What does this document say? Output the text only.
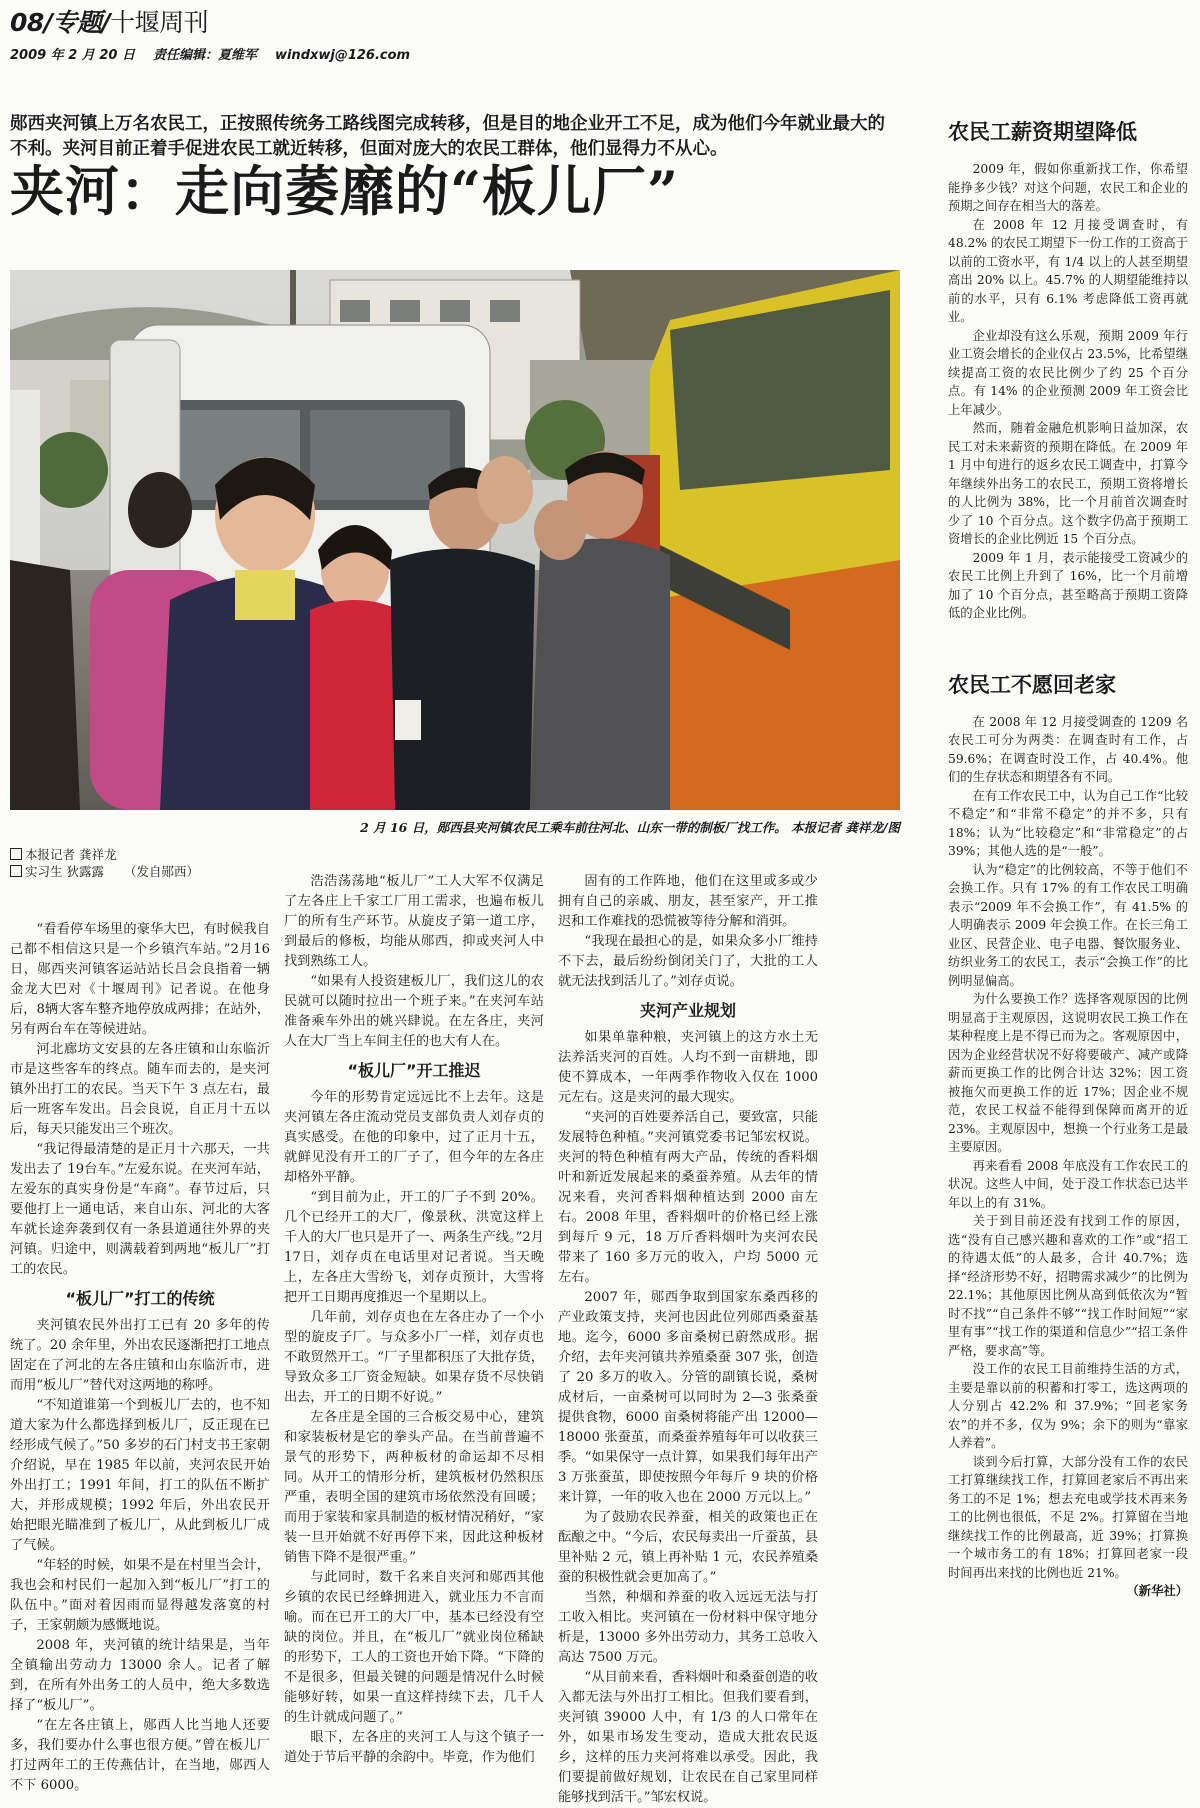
08/专题/十堰周刊
2009 年 2 月 20 日 责任编辑：夏维军 windxwj@126.com
郧西夹河镇上万名农民工，正按照传统务工路线图完成转移，但是目的地企业开工不足，成为他们今年就业最大的不利。夹河目前正着手促进农民工就近转移，但面对庞大的农民工群体，他们显得力不从心。
夹河：走向萎靡的“板儿厂”
2 月 16 日，郧西县夹河镇农民工乘车前往河北、山东一带的制板厂找工作。 本报记者 龚祥龙/图
本报记者 龚祥龙
实习生 狄露露 （发自郧西）

“看看停车场里的豪华大巴，有时候我自己都不相信这只是一个乡镇汽车站。”2月16日，郧西夹河镇客运站站长吕会良指着一辆金龙大巴对《十堰周刊》记者说。在他身后，8辆大客车整齐地停放成两排；在站外，另有两台车在等候进站。

河北廊坊文安县的左各庄镇和山东临沂市是这些客车的终点。随车而去的，是夹河镇外出打工的农民。当天下午 3 点左右，最后一班客车发出。吕会良说，自正月十五以后，每天只能发出三个班次。

“我记得最清楚的是正月十六那天，一共发出去了 19台车。”左爱东说。在夹河车站，左爱东的真实身份是“车商”。春节过后，只要他打上一通电话，来自山东、河北的大客车就长途奔袭到仅有一条县道通往外界的夹河镇。归途中，则满载着到两地“板儿厂”打工的农民。

“板儿厂”打工的传统

夹河镇农民外出打工已有 20 多年的传统了。20 余年里，外出农民逐渐把打工地点固定在了河北的左各庄镇和山东临沂市，进而用“板儿厂”替代对这两地的称呼。

“不知道谁第一个到板儿厂去的，也不知道大家为什么都选择到板儿厂，反正现在已经形成气候了。”50 多岁的石门村支书王家朝介绍说，早在 1985 年以前，夹河农民开始外出打工；1991 年间，打工的队伍不断扩大，并形成规模；1992 年后，外出农民开始把眼光瞄准到了板儿厂，从此到板儿厂成了气候。

“年轻的时候，如果不是在村里当会计，我也会和村民们一起加入到“板儿厂”打工的队伍中。”面对着因雨而显得越发落寞的村子，王家朝颇为感慨地说。

2008 年，夹河镇的统计结果是，当年全镇输出劳动力 13000 余人。记者了解到，在所有外出务工的人员中，绝大多数选择了“板儿厂”。

“在左各庄镇上，郧西人比当地人还要多，我们要办什么事也很方便。”曾在板儿厂打过两年工的王传燕估计，在当地，郧西人不下 6000。

浩浩荡荡地“板儿厂”工人大军不仅满足了左各庄上千家工厂用工需求，也遍布板儿厂的所有生产环节。从旋皮子第一道工序，到最后的修板，均能从郧西，抑或夹河人中找到熟练工人。

“如果有人投资建板儿厂，我们这儿的农民就可以随时拉出一个班子来。”在夹河车站准备乘车外出的姚兴肆说。在左各庄，夹河人在大厂当上车间主任的也大有人在。

“板儿厂”开工推迟

今年的形势肯定远远比不上去年。这是夹河镇左各庄流动党员支部负责人刘存贞的真实感受。在他的印象中，过了正月十五，就鲜见没有开工的厂子了，但今年的左各庄却格外平静。

“到目前为止，开工的厂子不到 20%。几个已经开工的大厂，像景秋、洪宽这样上千人的大厂也只是开了一、两条生产线。”2月17日，刘存贞在电话里对记者说。当天晚上，左各庄大雪纷飞，刘存贞预计，大雪将把开工日期再度推迟一个星期以上。

几年前，刘存贞也在左各庄办了一个小型的旋皮子厂。与众多小厂一样，刘存贞也不敢贸然开工。“厂子里都积压了大批存货，导致众多工厂资金短缺。如果存货不尽快销出去，开工的日期不好说。”

左各庄是全国的三合板交易中心，建筑和家装板材是它的拳头产品。在当前普遍不景气的形势下，两种板材的命运却不尽相同。从开工的情形分析，建筑板材仍然积压严重，表明全国的建筑市场依然没有回暖；而用于家装和家具制造的板材情况稍好，“家装一旦开始就不好再停下来，因此这种板材销售下降不是很严重。”

与此同时，数千名来自夹河和郧西其他乡镇的农民已经蜂拥进入，就业压力不言而喻。而在已开工的大厂中，基本已经没有空缺的岗位。并且，在“板儿厂”就业岗位稀缺的形势下，工人的工资也开始下降。“下降的不是很多，但最关键的问题是情况什么时候能够好转，如果一直这样持续下去，几千人的生计就成问题了。”

眼下，左各庄的夹河工人与这个镇子一道处于节后平静的余韵中。毕竟，作为他们

固有的工作阵地，他们在这里或多或少拥有自己的亲戚、朋友，甚至家产，开工推迟和工作难找的恐慌被等待分解和消弭。

“我现在最担心的是，如果众多小厂维持不下去，最后纷纷倒闭关门了，大批的工人就无法找到活儿了。”刘存贞说。

夹河产业规划

如果单靠种粮，夹河镇上的这方水土无法养活夹河的百姓。人均不到一亩耕地，即使不算成本，一年两季作物收入仅在 1000 元左右。这是夹河的最大现实。

“夹河的百姓要养活自己，要致富，只能发展特色种植。”夹河镇党委书记邹宏权说。夹河的特色种植有两大产品，传统的香料烟叶和新近发展起来的桑蚕养殖。从去年的情况来看，夹河香料烟种植达到 2000 亩左右。2008 年里，香料烟叶的价格已经上涨到每斤 9 元，18 万斤香料烟叶为夹河农民带来了 160 多万元的收入，户均 5000 元左右。

2007 年，郧西争取到国家东桑西移的产业政策支持，夹河也因此位列郧西桑蚕基地。迄今，6000 多亩桑树已蔚然成形。据介绍，去年夹河镇共养殖桑蚕 307 张，创造了 20 多万的收入。分管的副镇长说，桑树成材后，一亩桑树可以同时为 2—3 张桑蚕提供食物，6000 亩桑树将能产出 12000—18000 张蚕茧，而桑蚕养殖每年可以收获三季。“如果保守一点计算，如果我们每年出产 3 万张蚕茧，即使按照今年每斤 9 块的价格来计算，一年的收入也在 2000 万元以上。”

为了鼓励农民养蚕，相关的政策也正在酝酿之中。“今后，农民每卖出一斤蚕茧，县里补贴 2 元，镇上再补贴 1 元，农民养殖桑蚕的积极性就会更加高了。”

当然，种烟和养蚕的收入远远无法与打工收入相比。夹河镇在一份材料中保守地分析是，13000 多外出劳动力，其务工总收入高达 7500 万元。

“从目前来看，香料烟叶和桑蚕创造的收入都无法与外出打工相比。但我们要看到，夹河镇 39000 人中，有 1/3 的人口常年在外，如果市场发生变动，造成大批农民返乡，这样的压力夹河将难以承受。因此，我们要提前做好规划，让农民在自己家里同样能够找到活干。”邹宏权说。

农民工薪资期望降低

2009 年，假如你重新找工作，你希望能挣多少钱？对这个问题，农民工和企业的预期之间存在相当大的落差。

在 2008 年 12 月接受调查时，有 48.2% 的农民工期望下一份工作的工资高于以前的工资水平，有 1/4 以上的人甚至期望高出 20% 以上。45.7% 的人期望能维持以前的水平，只有 6.1% 考虑降低工资再就业。

企业却没有这么乐观，预期 2009 年行业工资会增长的企业仅占 23.5%，比希望继续提高工资的农民比例少了约 25 个百分点。有 14% 的企业预测 2009 年工资会比上年减少。

然而，随着金融危机影响日益加深，农民工对未来薪资的预期在降低。在 2009 年 1 月中旬进行的返乡农民工调查中，打算今年继续外出务工的农民工，预期工资将增长的人比例为 38%，比一个月前首次调查时少了 10 个百分点。这个数字仍高于预期工资增长的企业比例近 15 个百分点。

2009 年 1 月，表示能接受工资减少的农民工比例上升到了 16%，比一个月前增加了 10 个百分点，甚至略高于预期工资降低的企业比例。

农民工不愿回老家

在 2008 年 12 月接受调查的 1209 名农民工可分为两类：在调查时有工作，占 59.6%；在调查时没工作，占 40.4%。他们的生存状态和期望各有不同。

在有工作农民工中，认为自己工作“比较不稳定”和“非常不稳定”的并不多，只有 18%；认为“比较稳定”和“非常稳定”的占 39%；其他人选的是“一般”。

认为“稳定”的比例较高，不等于他们不会换工作。只有 17% 的有工作农民工明确表示“2009 年不会换工作”，有 41.5% 的人明确表示 2009 年会换工作。在长三角工业区、民营企业、电子电器、餐饮服务业、纺织业务工的农民工，表示“会换工作”的比例明显偏高。

为什么要换工作？选择客观原因的比例明显高于主观原因，这说明农民工换工作在某种程度上是不得已而为之。客观原因中，因为企业经营状况不好将要破产、减产或降薪而更换工作的比例合计达 32%；因工资被拖欠而更换工作的近 17%；因企业不规范，农民工权益不能得到保障而离开的近 23%。主观原因中，想换一个行业务工是最主要原因。

再来看看 2008 年底没有工作农民工的状况。这些人中间，处于没工作状态已达半年以上的有 31%。

关于到目前还没有找到工作的原因，选“没有自己感兴趣和喜欢的工作”或“招工的待遇太低”的人最多，合计 40.7%；选择“经济形势不好，招聘需求减少”的比例为 22.1%；其他原因比例从高到低依次为“暂时不找”“自己条件不够”“找工作时间短”“家里有事”“找工作的渠道和信息少”“招工条件严格，要求高”等。

没工作的农民工目前维持生活的方式，主要是靠以前的积蓄和打零工，选这两项的人分别占 42.2% 和 37.9%；“回老家务农”的并不多，仅为 9%；余下的则为“靠家人养着”。

谈到今后打算，大部分没有工作的农民工打算继续找工作，打算回老家后不再出来务工的不足 1%；想去充电或学技术再来务工的比例也很低，不足 2%。打算留在当地继续找工作的比例最高，近 39%；打算换一个城市务工的有 18%；打算回老家一段时间再出来找的比例也近 21%。

（新华社）
